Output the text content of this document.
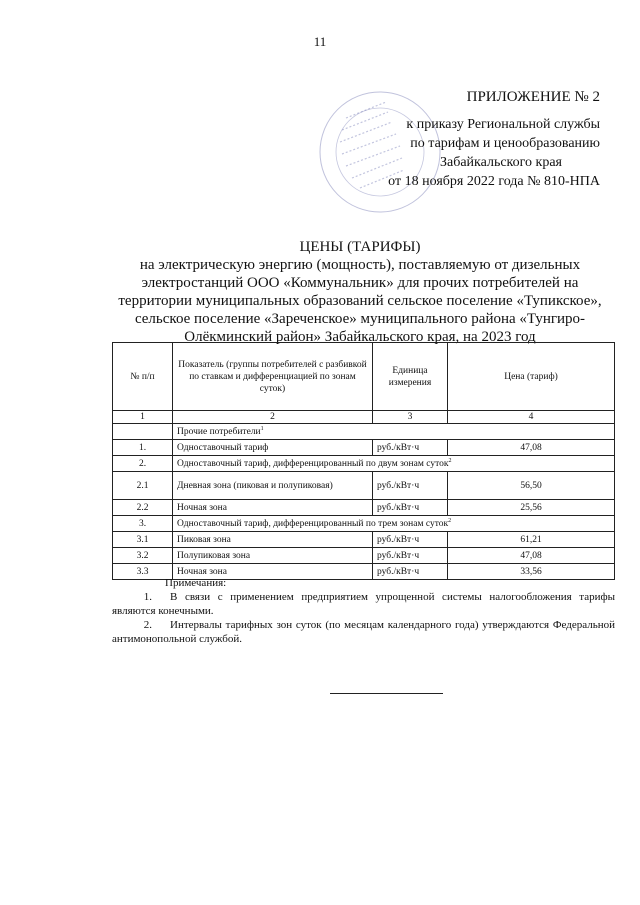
11
ПРИЛОЖЕНИЕ № 2
к приказу Региональной службы
по тарифам и ценообразованию
Забайкальского края
от 18 ноября 2022 года № 810-НПА
ЦЕНЫ (ТАРИФЫ)
на электрическую энергию (мощность), поставляемую от дизельных
электростанций ООО «Коммунальник» для прочих потребителей на
территории муниципальных образований сельское поселение «Тупикское»,
сельское поселение «Зареченское» муниципального района «Тунгиро-
Олёкминский район» Забайкальского края, на 2023 год
№ п/п	Показатель (группы потребителей с разбивкой по ставкам и дифференциацией по зонам суток)	Единица измерения	Цена (тариф)
1	2	3	4
	Прочие потребители$^1$
1.	Одноставочный тариф	руб./кВт·ч	47,08
2.	Одноставочный тариф, дифференцированный по двум зонам суток$^2$
2.1	Дневная зона (пиковая и полупиковая)	руб./кВт·ч	56,50
2.2	Ночная зона	руб./кВт·ч	25,56
3.	Одноставочный тариф, дифференцированный по трем зонам суток$^2$
3.1	Пиковая зона	руб./кВт·ч	61,21
3.2	Полупиковая зона	руб./кВт·ч	47,08
3.3	Ночная зона	руб./кВт·ч	33,56
Примечания:
1. В связи с применением предприятием упрощенной системы налогообложения тарифы являются конечными.
2. Интервалы тарифных зон суток (по месяцам календарного года) утверждаются Федеральной антимонопольной службой.
